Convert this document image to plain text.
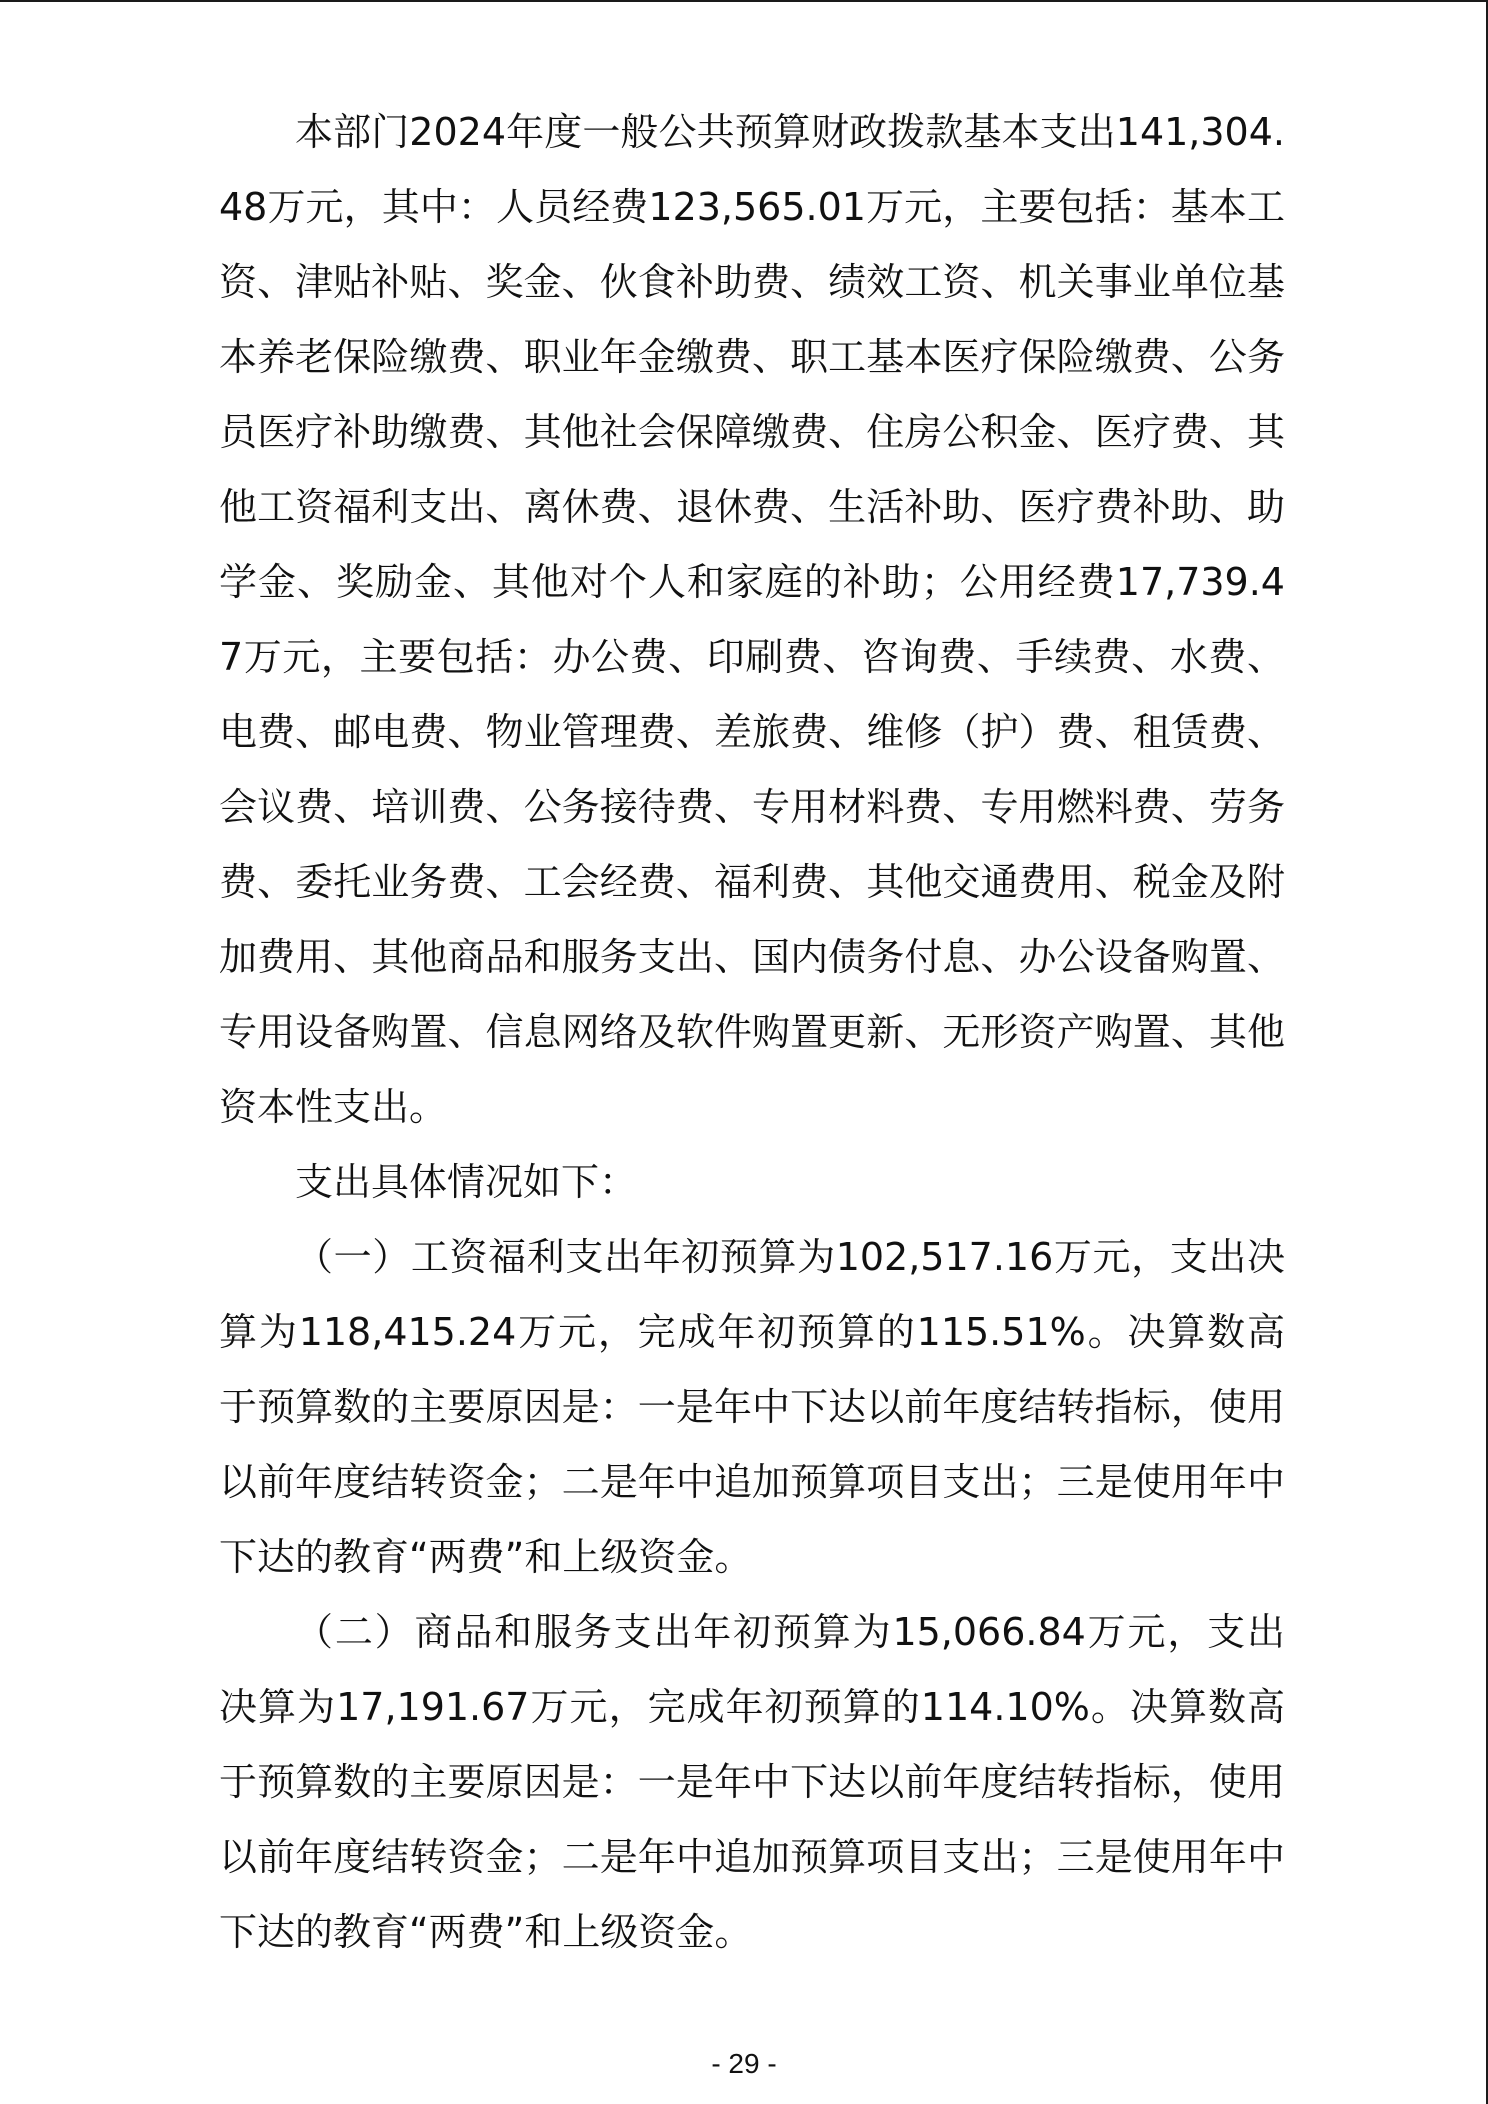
本部门2024年度一般公共预算财政拨款基本支出141,304.48万元，其中：人员经费123,565.01万元，主要包括：基本工资、津贴补贴、奖金、伙食补助费、绩效工资、机关事业单位基本养老保险缴费、职业年金缴费、职工基本医疗保险缴费、公务员医疗补助缴费、其他社会保障缴费、住房公积金、医疗费、其他工资福利支出、离休费、退休费、生活补助、医疗费补助、助学金、奖励金、其他对个人和家庭的补助；公用经费17,739.47万元，主要包括：办公费、印刷费、咨询费、手续费、水费、电费、邮电费、物业管理费、差旅费、维修（护）费、租赁费、会议费、培训费、公务接待费、专用材料费、专用燃料费、劳务费、委托业务费、工会经费、福利费、其他交通费用、税金及附加费用、其他商品和服务支出、国内债务付息、办公设备购置、专用设备购置、信息网络及软件购置更新、无形资产购置、其他资本性支出。

支出具体情况如下：

（一）工资福利支出年初预算为102,517.16万元，支出决算为118,415.24万元，完成年初预算的115.51%。决算数高于预算数的主要原因是：一是年中下达以前年度结转指标，使用以前年度结转资金；二是年中追加预算项目支出；三是使用年中下达的教育“两费”和上级资金。

（二）商品和服务支出年初预算为15,066.84万元，支出决算为17,191.67万元，完成年初预算的114.10%。决算数高于预算数的主要原因是：一是年中下达以前年度结转指标，使用以前年度结转资金；二是年中追加预算项目支出；三是使用年中下达的教育“两费”和上级资金。

- 29 -
